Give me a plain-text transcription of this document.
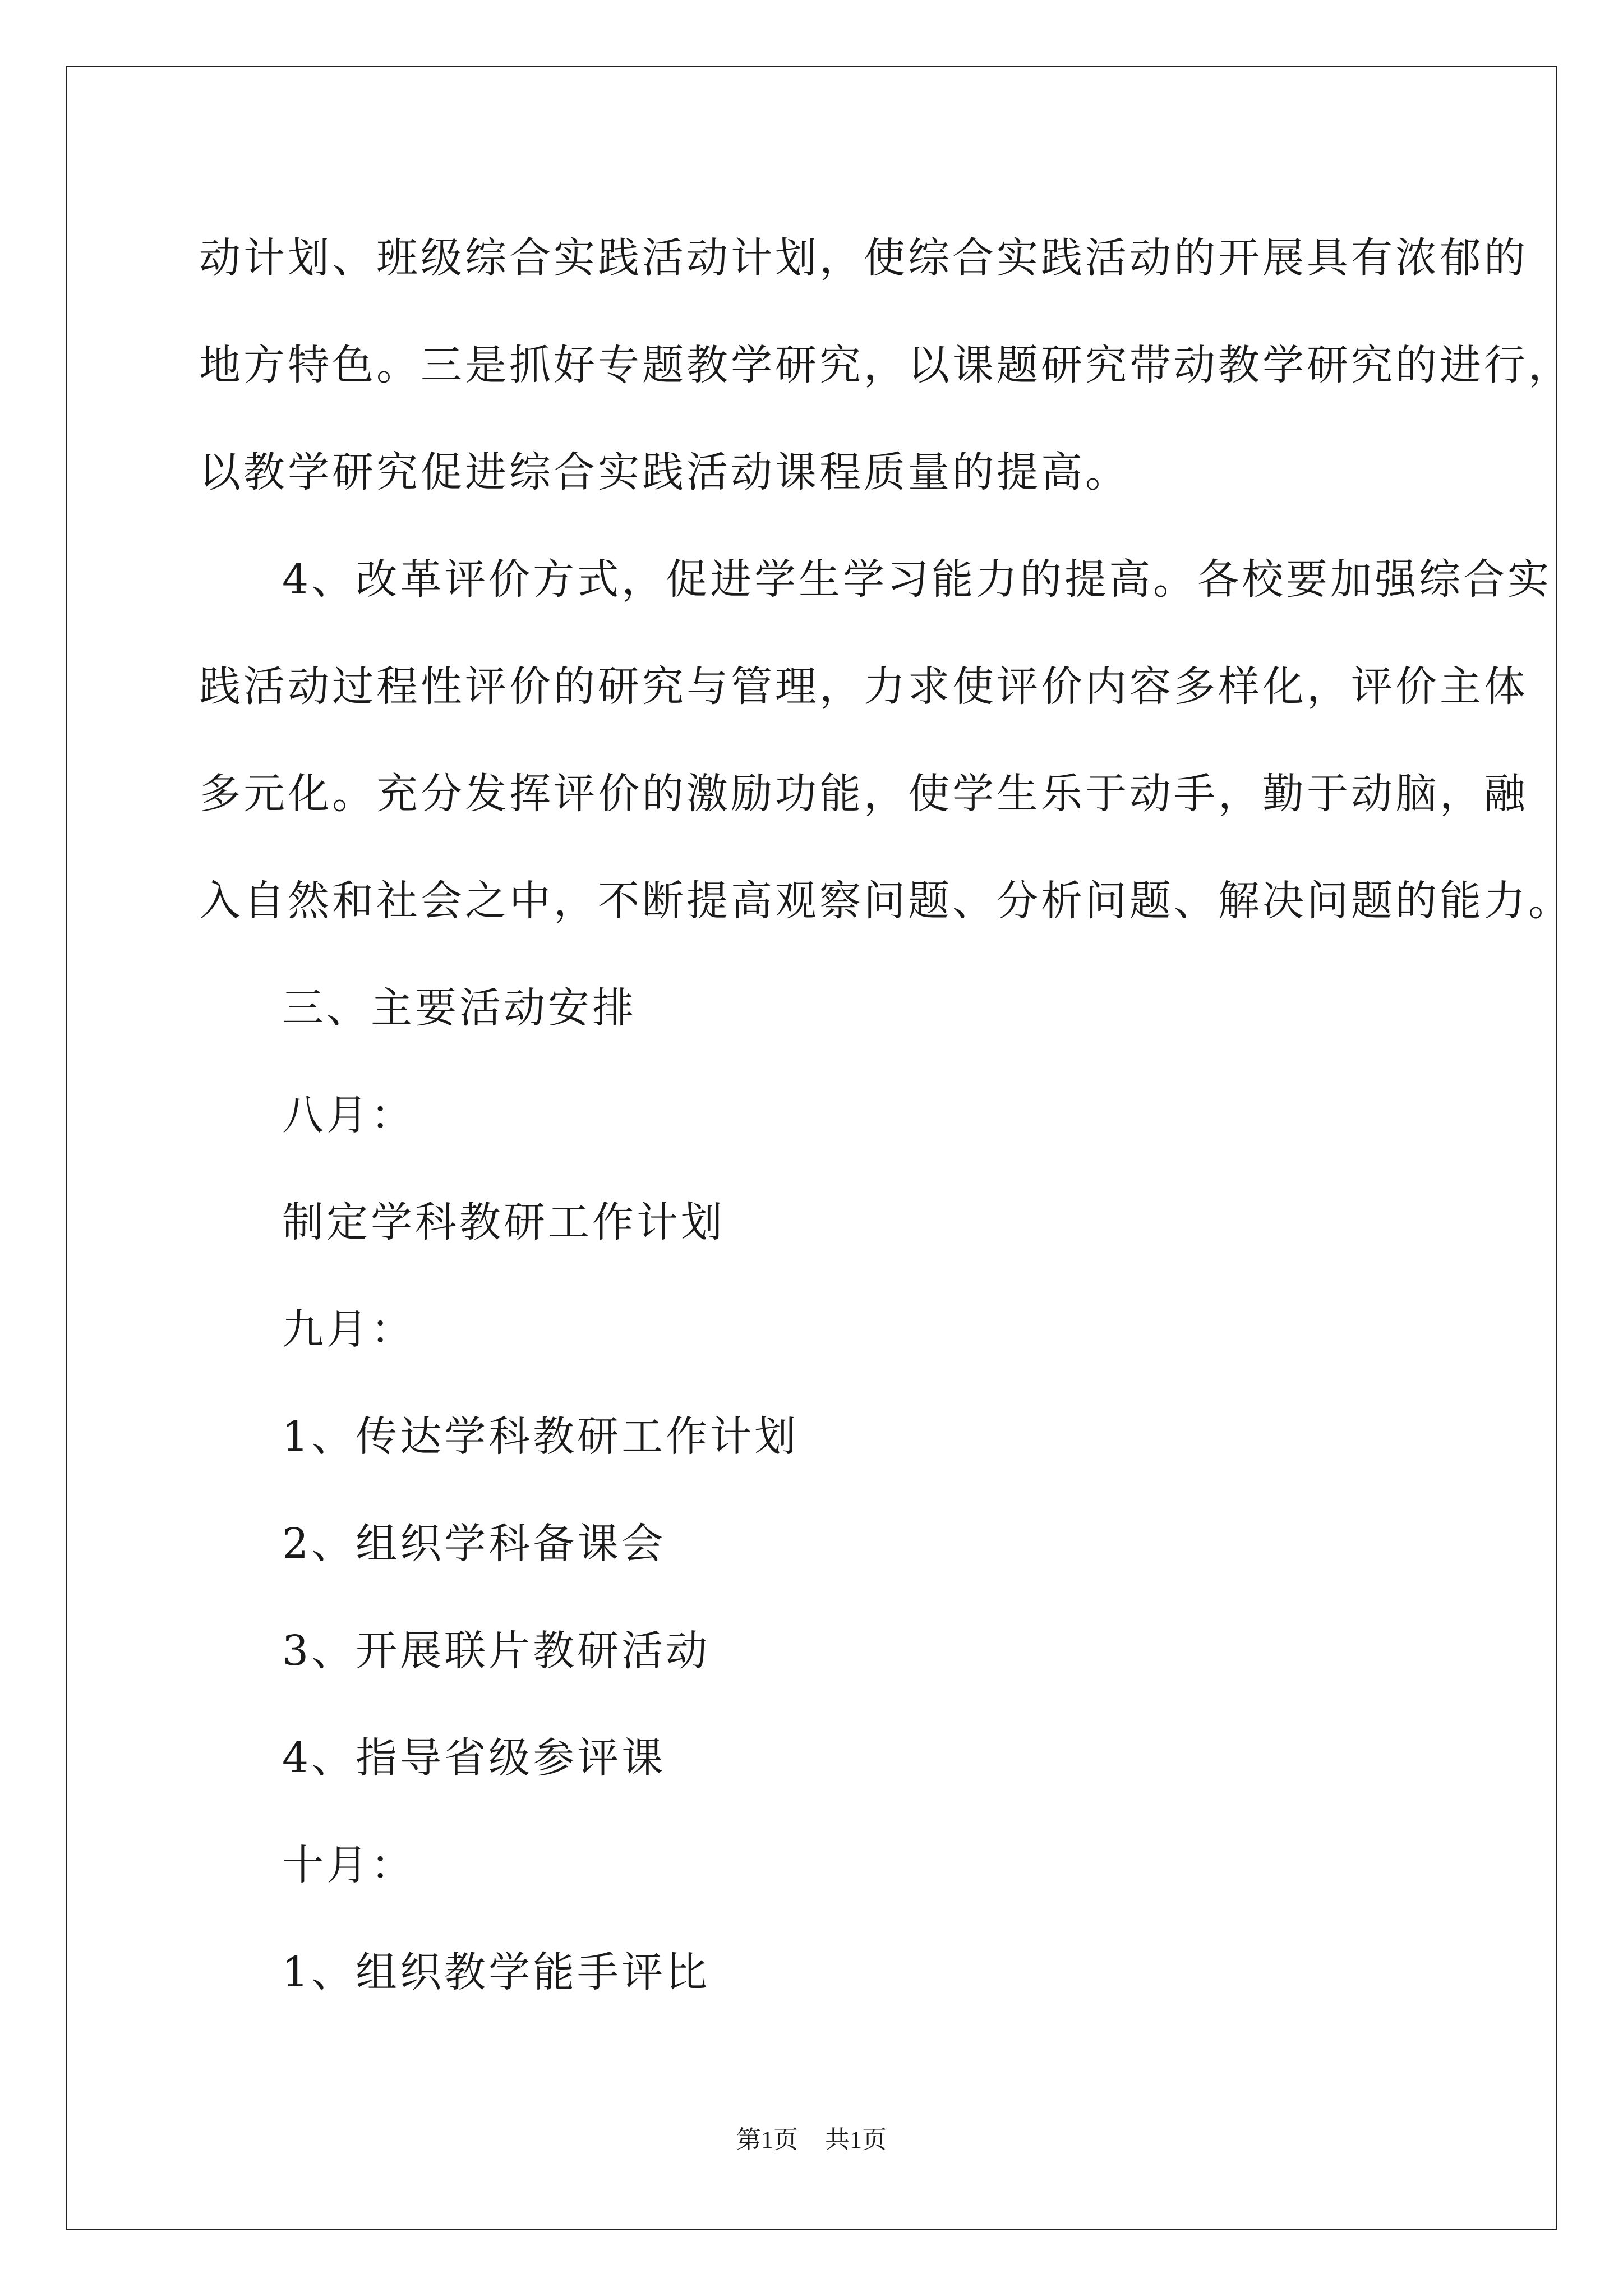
动计划、班级综合实践活动计划，使综合实践活动的开展具有浓郁的
地方特色。三是抓好专题教学研究，以课题研究带动教学研究的进行，
以教学研究促进综合实践活动课程质量的提高。
4、改革评价方式，促进学生学习能力的提高。各校要加强综合实
践活动过程性评价的研究与管理，力求使评价内容多样化，评价主体
多元化。充分发挥评价的激励功能，使学生乐于动手，勤于动脑，融
入自然和社会之中，不断提高观察问题、分析问题、解决问题的能力。
三、主要活动安排
八月：
制定学科教研工作计划
九月：
1、传达学科教研工作计划
2、组织学科备课会
3、开展联片教研活动
4、指导省级参评课
十月：
1、组织教学能手评比
第1页 共1页
